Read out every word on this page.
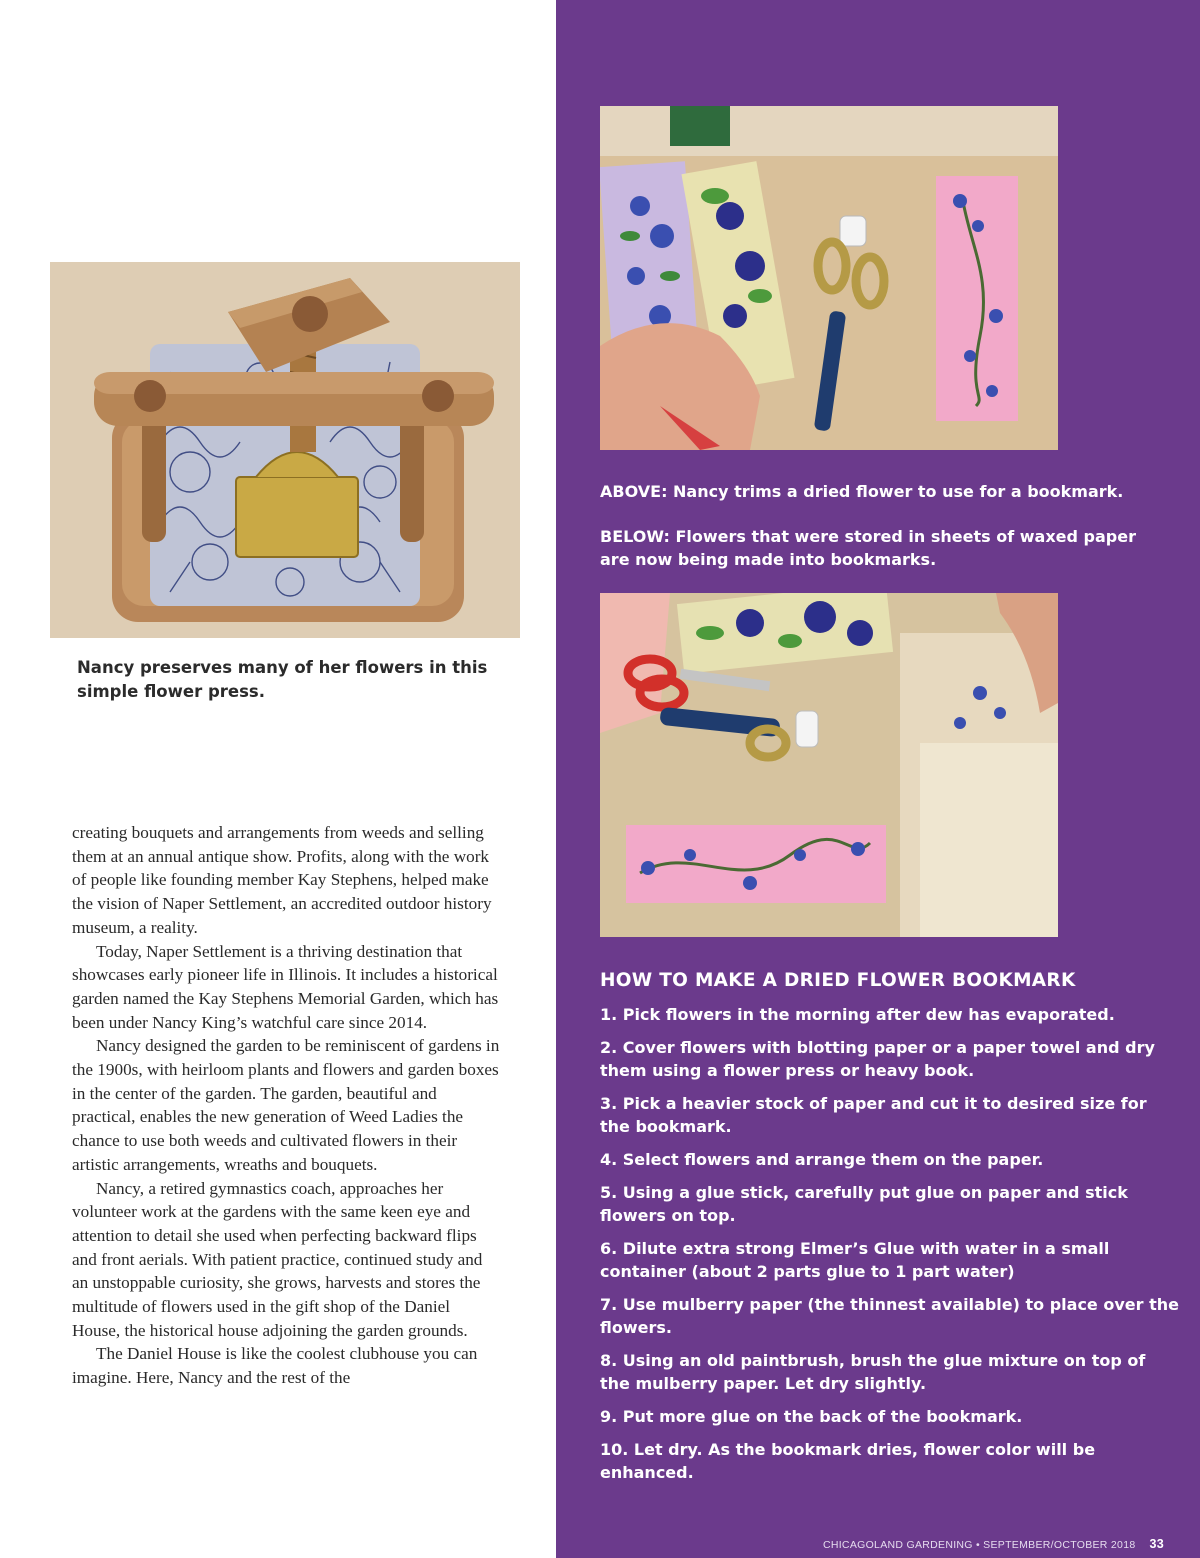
Nancy preserves many of her flowers in this simple flower press.

creating bouquets and arrangements from weeds and selling them at an annual antique show. Profits, along with the work of people like founding member Kay Stephens, helped make the vision of Naper Settlement, an accredited outdoor history museum, a reality.

Today, Naper Settlement is a thriving destination that showcases early pioneer life in Illinois. It includes a historical garden named the Kay Stephens Memorial Garden, which has been under Nancy King’s watchful care since 2014.

Nancy designed the garden to be reminiscent of gardens in the 1900s, with heirloom plants and flowers and garden boxes in the center of the garden. The garden, beautiful and practical, enables the new generation of Weed Ladies the chance to use both weeds and cultivated flowers in their artistic arrangements, wreaths and bouquets.

Nancy, a retired gymnastics coach, approaches her volunteer work at the gardens with the same keen eye and attention to detail she used when perfecting backward flips and front aerials. With patient practice, continued study and an unstoppable curiosity, she grows, harvests and stores the multitude of flowers used in the gift shop of the Daniel House, the historical house adjoining the garden grounds.

The Daniel House is like the coolest clubhouse you can imagine. Here, Nancy and the rest of the

ABOVE: Nancy trims a dried flower to use for a bookmark.

BELOW: Flowers that were stored in sheets of waxed paper are now being made into bookmarks.

HOW TO MAKE A DRIED FLOWER BOOKMARK
1. Pick flowers in the morning after dew has evaporated.
2. Cover flowers with blotting paper or a paper towel and dry them using a flower press or heavy book.
3. Pick a heavier stock of paper and cut it to desired size for the bookmark.
4. Select flowers and arrange them on the paper.
5. Using a glue stick, carefully put glue on paper and stick flowers on top.
6. Dilute extra strong Elmer’s Glue with water in a small container (about 2 parts glue to 1 part water)
7. Use mulberry paper (the thinnest available) to place over the flowers.
8. Using an old paintbrush, brush the glue mixture on top of the mulberry paper. Let dry slightly.
9. Put more glue on the back of the bookmark.
10. Let dry. As the bookmark dries, flower color will be enhanced.
CHICAGOLAND GARDENING • SEPTEMBER/OCTOBER 2018 33
